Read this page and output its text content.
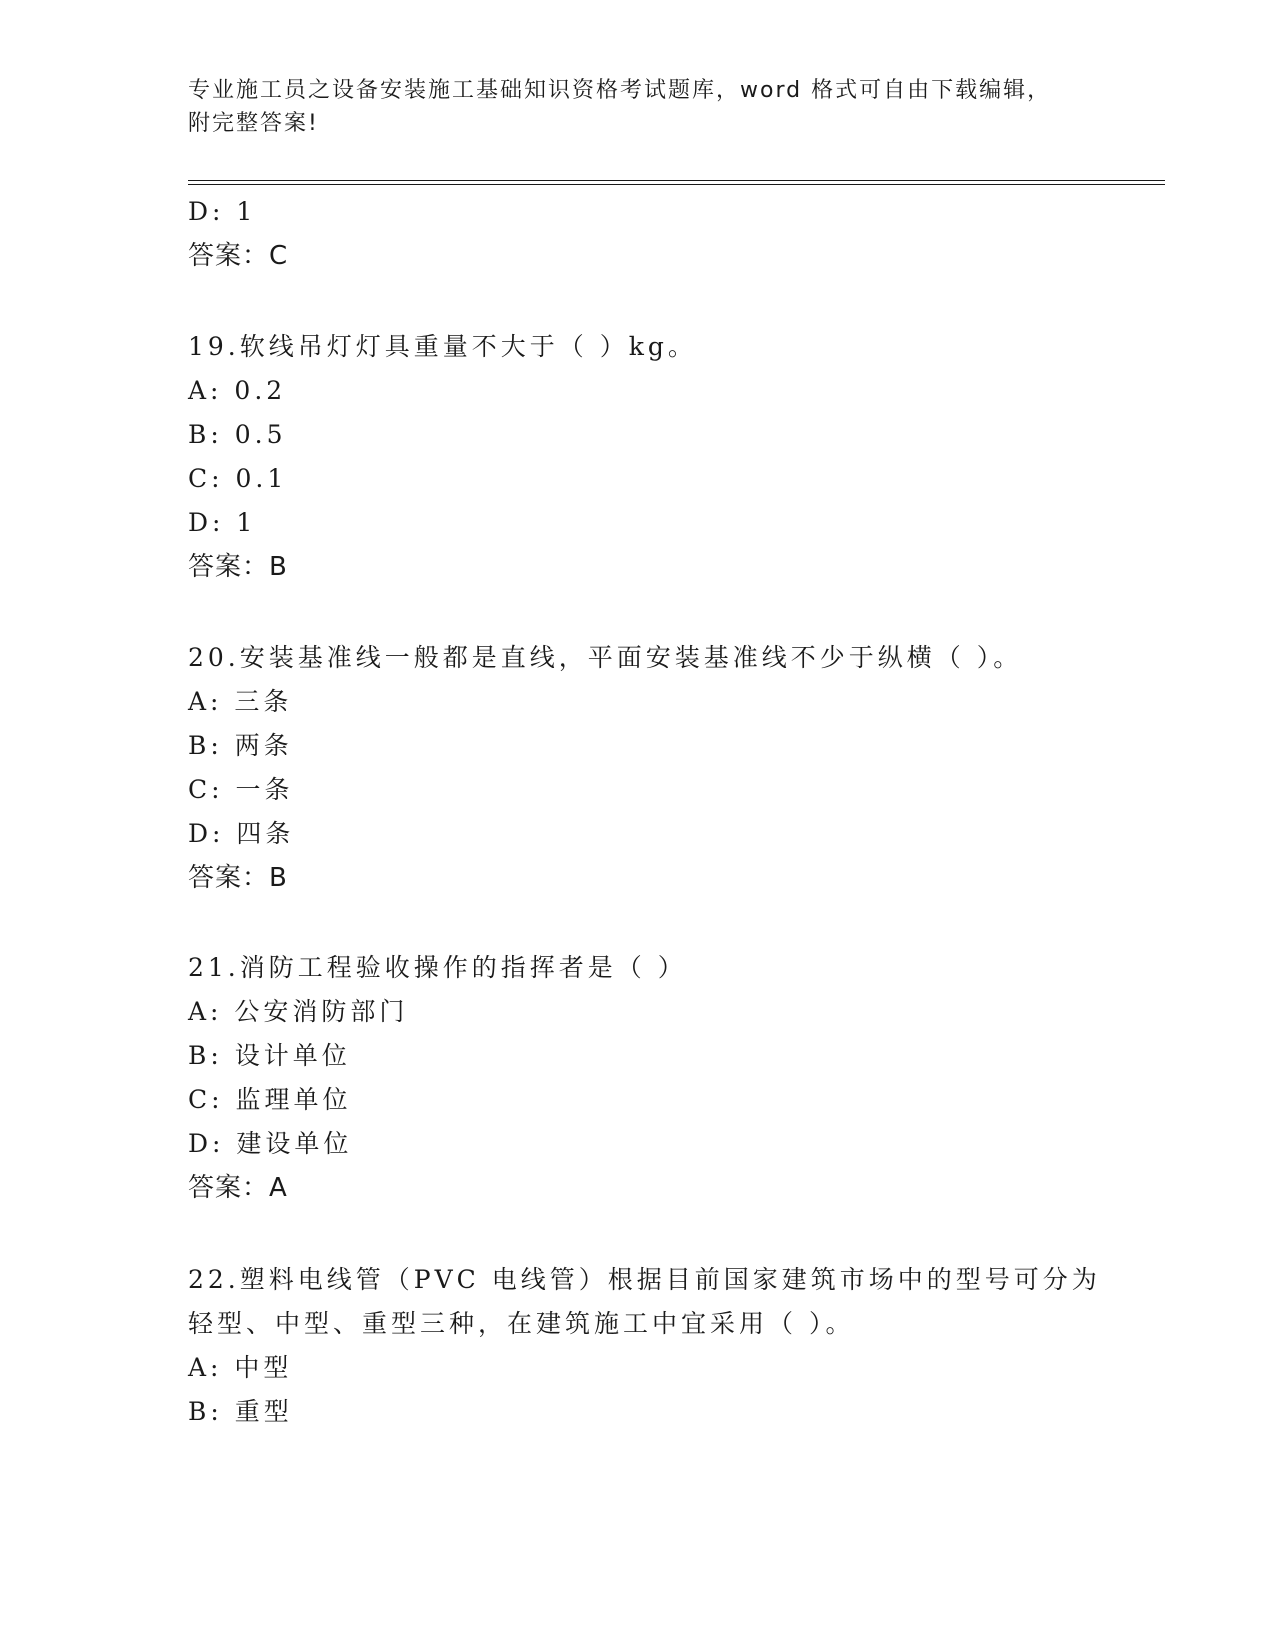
专业施工员之设备安装施工基础知识资格考试题库，word 格式可自由下载编辑，
附完整答案!
D: 1
答案：C
19.软线吊灯灯具重量不大于（ ）kg。
A: 0.2
B: 0.5
C: 0.1
D: 1
答案：B
20.安装基准线一般都是直线，平面安装基准线不少于纵横（ ）。
A: 三条
B: 两条
C: 一条
D: 四条
答案：B
21.消防工程验收操作的指挥者是（ ）
A: 公安消防部门
B: 设计单位
C: 监理单位
D: 建设单位
答案：A
22.塑料电线管（PVC 电线管）根据目前国家建筑市场中的型号可分为
轻型、中型、重型三种，在建筑施工中宜采用（ ）。
A: 中型
B: 重型
